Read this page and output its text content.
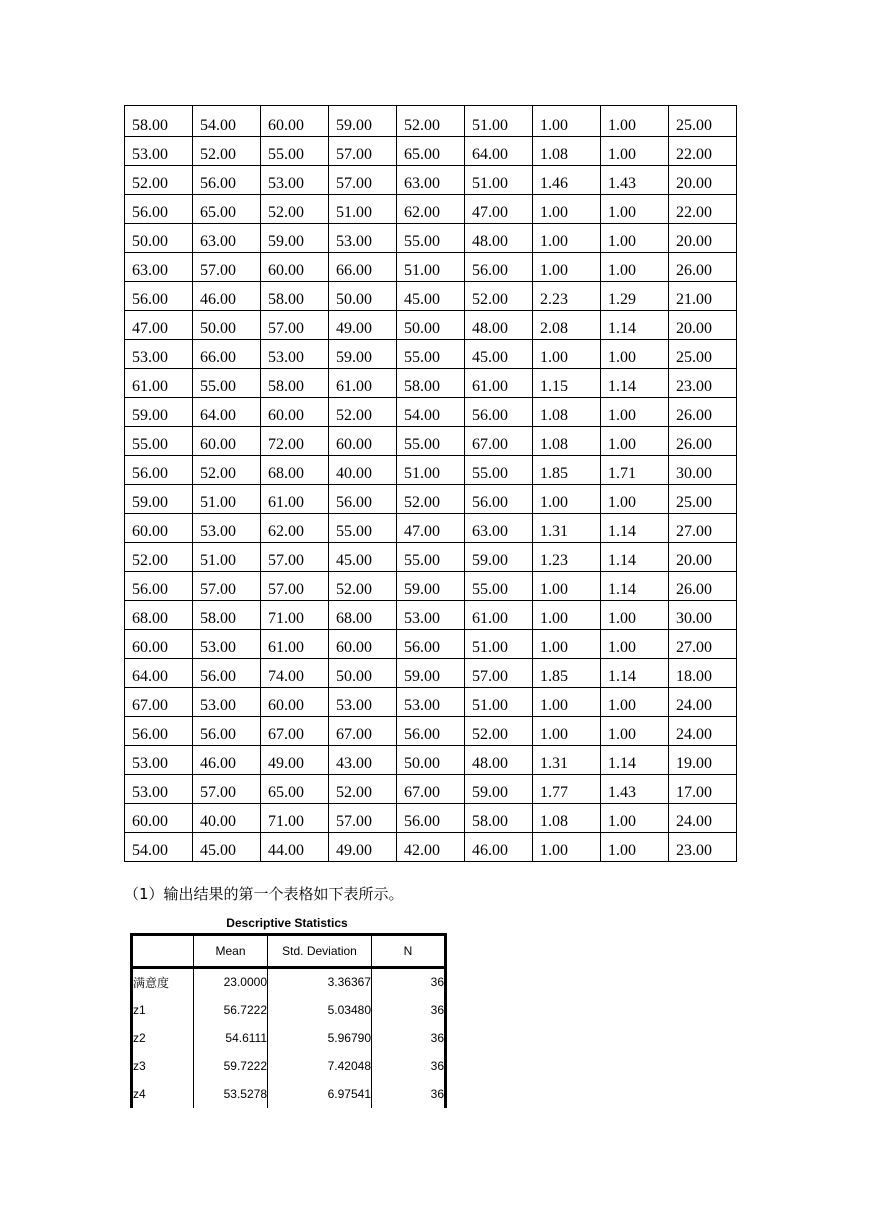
58.00	54.00	60.00	59.00	52.00	51.00	1.00	1.00	25.00
53.00	52.00	55.00	57.00	65.00	64.00	1.08	1.00	22.00
52.00	56.00	53.00	57.00	63.00	51.00	1.46	1.43	20.00
56.00	65.00	52.00	51.00	62.00	47.00	1.00	1.00	22.00
50.00	63.00	59.00	53.00	55.00	48.00	1.00	1.00	20.00
63.00	57.00	60.00	66.00	51.00	56.00	1.00	1.00	26.00
56.00	46.00	58.00	50.00	45.00	52.00	2.23	1.29	21.00
47.00	50.00	57.00	49.00	50.00	48.00	2.08	1.14	20.00
53.00	66.00	53.00	59.00	55.00	45.00	1.00	1.00	25.00
61.00	55.00	58.00	61.00	58.00	61.00	1.15	1.14	23.00
59.00	64.00	60.00	52.00	54.00	56.00	1.08	1.00	26.00
55.00	60.00	72.00	60.00	55.00	67.00	1.08	1.00	26.00
56.00	52.00	68.00	40.00	51.00	55.00	1.85	1.71	30.00
59.00	51.00	61.00	56.00	52.00	56.00	1.00	1.00	25.00
60.00	53.00	62.00	55.00	47.00	63.00	1.31	1.14	27.00
52.00	51.00	57.00	45.00	55.00	59.00	1.23	1.14	20.00
56.00	57.00	57.00	52.00	59.00	55.00	1.00	1.14	26.00
68.00	58.00	71.00	68.00	53.00	61.00	1.00	1.00	30.00
60.00	53.00	61.00	60.00	56.00	51.00	1.00	1.00	27.00
64.00	56.00	74.00	50.00	59.00	57.00	1.85	1.14	18.00
67.00	53.00	60.00	53.00	53.00	51.00	1.00	1.00	24.00
56.00	56.00	67.00	67.00	56.00	52.00	1.00	1.00	24.00
53.00	46.00	49.00	43.00	50.00	48.00	1.31	1.14	19.00
53.00	57.00	65.00	52.00	67.00	59.00	1.77	1.43	17.00
60.00	40.00	71.00	57.00	56.00	58.00	1.08	1.00	24.00
54.00	45.00	44.00	49.00	42.00	46.00	1.00	1.00	23.00

（1）输出结果的第一个表格如下表所示。

Descriptive Statistics

	Mean	Std. Deviation	N
满意度	23.0000	3.36367	36
z1	56.7222	5.03480	36
z2	54.6111	5.96790	36
z3	59.7222	7.42048	36
z4	53.5278	6.97541	36
